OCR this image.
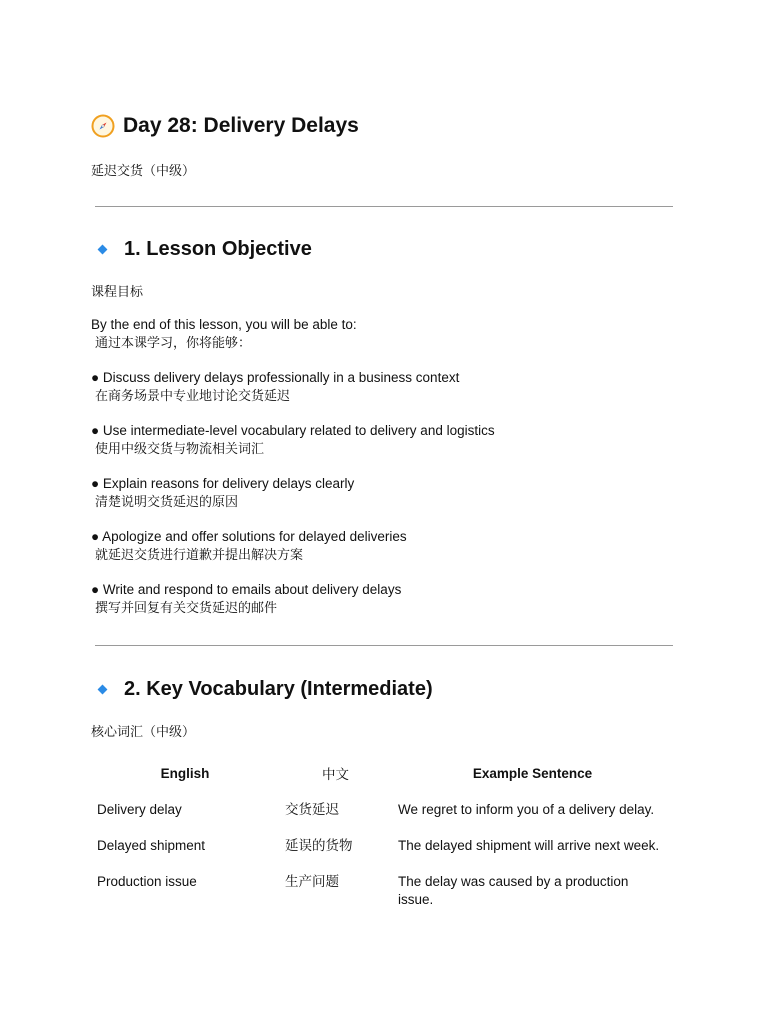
Day 28: Delivery Delays
延迟交货（中级）
1. Lesson Objective
课程目标
By the end of this lesson, you will be able to:
通过本课学习，你将能够：
● Discuss delivery delays professionally in a business context
在商务场景中专业地讨论交货延迟
● Use intermediate-level vocabulary related to delivery and logistics
使用中级交货与物流相关词汇
● Explain reasons for delivery delays clearly
清楚说明交货延迟的原因
● Apologize and offer solutions for delayed deliveries
就延迟交货进行道歉并提出解决方案
● Write and respond to emails about delivery delays
撰写并回复有关交货延迟的邮件
2. Key Vocabulary (Intermediate)
核心词汇（中级）
English	中文	Example Sentence
Delivery delay	交货延迟	We regret to inform you of a delivery delay.
Delayed shipment	延误的货物	The delayed shipment will arrive next week.
Production issue	生产问题	The delay was caused by a production issue.
